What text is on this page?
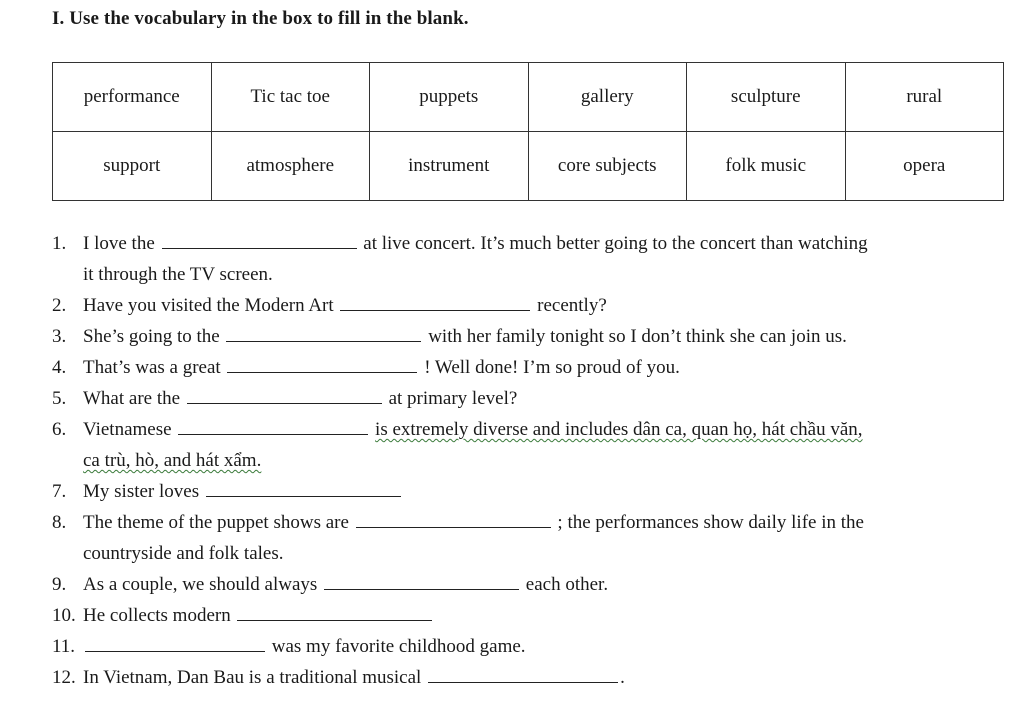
I. Use the vocabulary in the box to fill in the blank.
performance	Tic tac toe	puppets	gallery	sculpture	rural
support	atmosphere	instrument	core subjects	folk music	opera
1. I love the	at live concert. It’s much better going to the concert than watching
it through the TV screen.
2. Have you visited the Modern Art	recently?
3. She’s going to the	with her family tonight so I don’t think she can join us.
4. That’s was a great	! Well done! I’m so proud of you.
5. What are the	at primary level?
6. Vietnamese	is extremely diverse and includes dân ca, quan họ, hát chầu văn,
ca trù, hò, and hát xẩm.
7. My sister loves
8. The theme of the puppet shows are	; the performances show daily life in the
countryside and folk tales.
9. As a couple, we should always	each other.
10. He collects modern
11.	was my favorite childhood game.
12. In Vietnam, Dan Bau is a traditional musical	.
